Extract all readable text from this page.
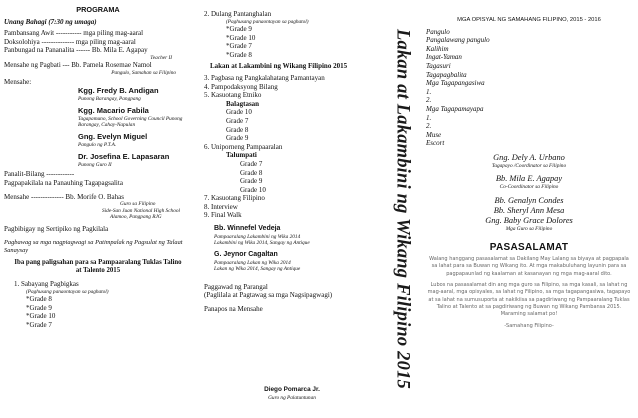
PROGRAMA
Unang Bahagi (7:30 ng umaga)
Pambansang Awit ----------- mga piling mag-aaral
Doksolohiya -------------- mga piling mag-aaral
Panbungad na Pananalita ------ Bb. Mila E. Agapay
Teacher II
Mensahe ng Pagbati --- Bb. Pamela Rosemae Namol
Pangulo, Samahan sa Filipino
Mensahe:
Kgg. Fredy B. Andigan
Punong Barangay, Pangpang
Kgg. Macario Fabila
Tagapamuno, School Governing Council Punong Barangay, Cahay-Napulan
Gng. Evelyn Miguel
Pangulo ng P.T.A.
Dr. Josefina E. Lapasaran
Punong Guro II
Panalit-Bilang ------------
Pagpapakilala na Panauhing Tagapagsalita
Mensahe -------------- Bb. Morife O. Bahas
Guro sa Filipino
Side-San Juan National High School
Alamoo, Pangpang RJG
Pagbibigay ng Sertipiko ng Pagkilala
Pagbawag sa mga nagpiagwagi sa Patimpalak ng Pagsulat ng Talaat Sanaysay
Iba pang paligsahan para sa Pampaaralang Tuklas Talino at Talento 2015
1. Sabayang Pagbigkas
(Paghusang panaontayan sa paghatol)
*Grade 8
*Grade 9
*Grade 10
*Grade 7
2. Dulang Pantanghalan
(Paghusang panaontayan sa paghatol)
*Grade 9
*Grade 10
*Grade 7
*Grade 8
Lakan at Lakambini ng Wikang Filipino 2015
3. Pagbasa ng Pangkalahatang Pamantayan
4. Pampodaksyong Bilang
5. Kasuotang Etniko
Balagtasan
Grade 10
Grade 7
Grade 8
Grade 9
6. Uniporneng Pampaaralan
Talumpati
Grade 7
Grade 8
Grade 9
Grade 10
7. Kasuotang Filipino
8. Interview
9. Final Walk
Bb. Winnefel Vedeja
Pampaaralang Lakambini ng Wika 2014
Lakambini ng Wika 2014, Sangay ng Antique
G. Jeynor Cagaltan
Pampaaralang Lakan ng Wika 2014
Lakan ng Wika 2014, Sangay ng Antique
Paggawad ng Parangal
(Paglilala at Pagtawag sa mga Nagsipagwagi)
Panapos na Mensahe
Diego Pomarca Jr.
Guro ng Palatuntunan
Lakan at Lakambini ng Wikang Filipino 2015
MGA OPISYAL NG SAMAHANG FILIPINO, 2015 - 2016
Pangulo
Pangalawang pangulo
Kalihim
Ingat-Yaman
Tagasuri
Tagapagbalita
Mga Tagapangasiwa
1.
2.
Mga Tagapamayapa
1.
2.
Muse
Escort
Gng. Dely A. Urbano
Tagapayo /Coordinator sa Filipino
Bb. Mila E. Agapay
Co-Coordinator sa Filipino
Bb. Genalyn Condes
Bb. Sheryl Ann Mesa
Gng. Baby Grace Dolores
Mga Guro sa Filipino
PASASALAMAT
Walang hanggang pasasalamat sa Dakilang May Lalang sa biyaya at pagpapala sa lahat para sa Buwan ng Wikang ito. At mga makabuluhang layunin para sa pagpapaunlad ng kaalaman at kasanayan ng mga mag-aaral dito.
Lubos na pasasalamat din ang mga guro sa Filipino, sa mga kasali, sa lahat ng mag-aaral, mga opisyales, sa lahat ng Filipino, sa mga tagapangasiwa, tagapayo at sa lahat na sumusuporta at nakikiisa sa pagdiriwang ng Pampaaralang Tuklas Talino at Talento at sa pagdiriwang ng Buwan ng Wikang Pambansa 2015.
Maraming salamat po!
-Samahang Filipino-
